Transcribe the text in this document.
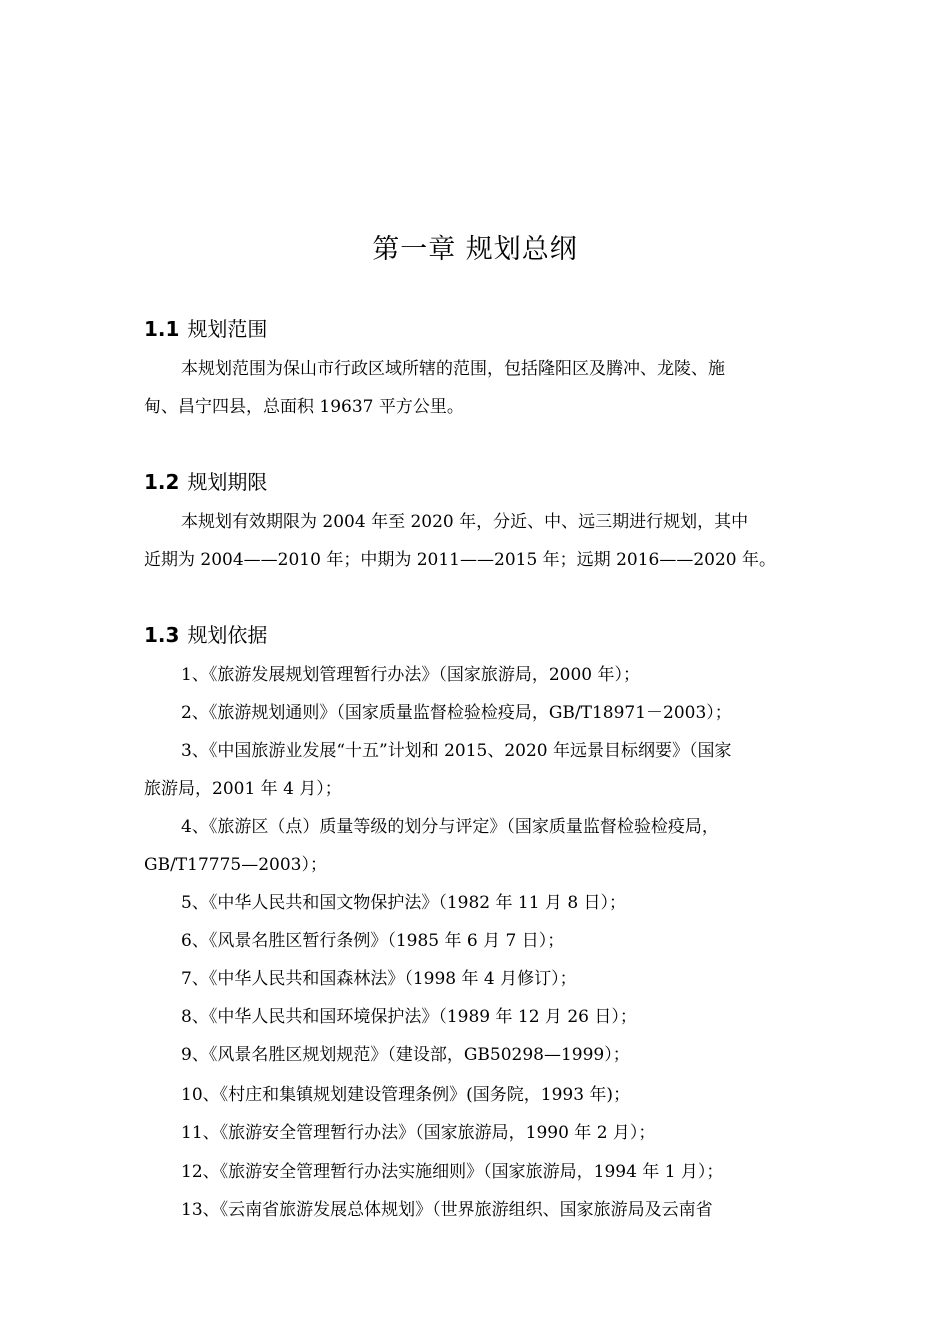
第一章 规划总纲
1.1 规划范围
本规划范围为保山市行政区域所辖的范围，包括隆阳区及腾冲、龙陵、施
甸、昌宁四县，总面积 19637 平方公里。
1.2 规划期限
本规划有效期限为 2004 年至 2020 年，分近、中、远三期进行规划，其中
近期为 2004——2010 年；中期为 2011——2015 年；远期 2016——2020 年。
1.3 规划依据
1、《旅游发展规划管理暂行办法》（国家旅游局，2000 年）；
2、《旅游规划通则》（国家质量监督检验检疫局，GB/T18971－2003）；
3、《中国旅游业发展“十五”计划和 2015、2020 年远景目标纲要》（国家
旅游局，2001 年 4 月）；
4、《旅游区（点）质量等级的划分与评定》（国家质量监督检验检疫局，
GB/T17775—2003）；
5、《中华人民共和国文物保护法》（1982 年 11 月 8 日）；
6、《风景名胜区暂行条例》（1985 年 6 月 7 日）；
7、《中华人民共和国森林法》（1998 年 4 月修订）；
8、《中华人民共和国环境保护法》（1989 年 12 月 26 日）；
9、《风景名胜区规划规范》（建设部，GB50298—1999）；
10、《村庄和集镇规划建设管理条例》(国务院，1993 年)；
11、《旅游安全管理暂行办法》（国家旅游局，1990 年 2 月）；
12、《旅游安全管理暂行办法实施细则》（国家旅游局，1994 年 1 月）；
13、《云南省旅游发展总体规划》（世界旅游组织、国家旅游局及云南省
